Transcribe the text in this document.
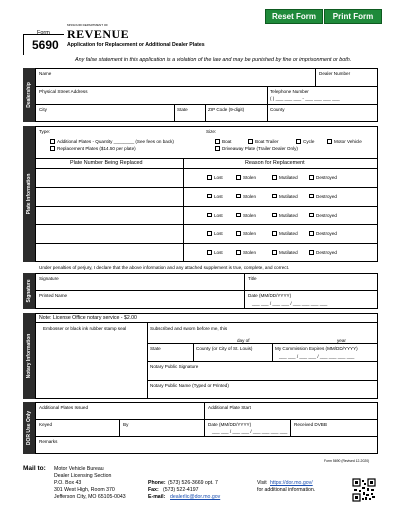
Reset Form	Print Form
Form
5690
MISSOURI DEPARTMENT OF
REVENUE
Application for Replacement or Additional Dealer Plates
Any false statement in this application is a violation of the law and may be punished by fine or imprisonment or both.
Dealership
Name	Dealer Number
Physical Street Address	Telephone Number
( ) ___ ___ ___ - ___ ___ ___ ___
City	State	ZIP Code (9-digit)	County
Plate Information
Type:
Additional Plates - Quantity ________ (See fees on back)
Replacement Plates ($14.50 per plate)
Size:
Boat	Boat Trailer	Cycle	Motor Vehicle
Driveaway Plate (Trailer Dealer Only)
Plate Number Being Replaced	Reason for Replacement
Lost	Stolen	Mutilated	Destroyed
Lost	Stolen	Mutilated	Destroyed
Lost	Stolen	Mutilated	Destroyed
Lost	Stolen	Mutilated	Destroyed
Lost	Stolen	Mutilated	Destroyed
Under penalties of perjury, I declare that the above information and any attached supplement is true, complete, and correct.
Signature
Signature	Title
Printed Name	Date (MM/DD/YYYY)
___ ___ / ___ ___ / ___ ___ ___ ___
Notary Information
Note: License Office notary service - $2.00
Embosser or black ink rubber stamp seal	Subscribed and sworn before me, this
day of	year
State	County (or City of St. Louis)	My Commission Expires (MM/DD/YYYY)
___ ___ / ___ ___ / ___ ___ ___ ___
Notary Public Signature
Notary Public Name (Typed or Printed)
DOR Use Only
Additional Plates Issued	Additional Plate Start
Keyed	By	Date (MM/DD/YYYY)
___ ___ / ___ ___ / ___ ___ ___ ___
Received DVBB
Remarks
Form 5690 (Revised 12-2020)
Mail to: Motor Vehicle Bureau
Dealer Licensing Section
P.O. Box 43
301 West High, Room 370
Jefferson City, MO 65105-0043
Phone: (573) 526-3669 opt. 7
Fax: (573) 522-4197
E-mail: dealerlic@dor.mo.gov
Visit https://dor.mo.gov/
for additional information.
